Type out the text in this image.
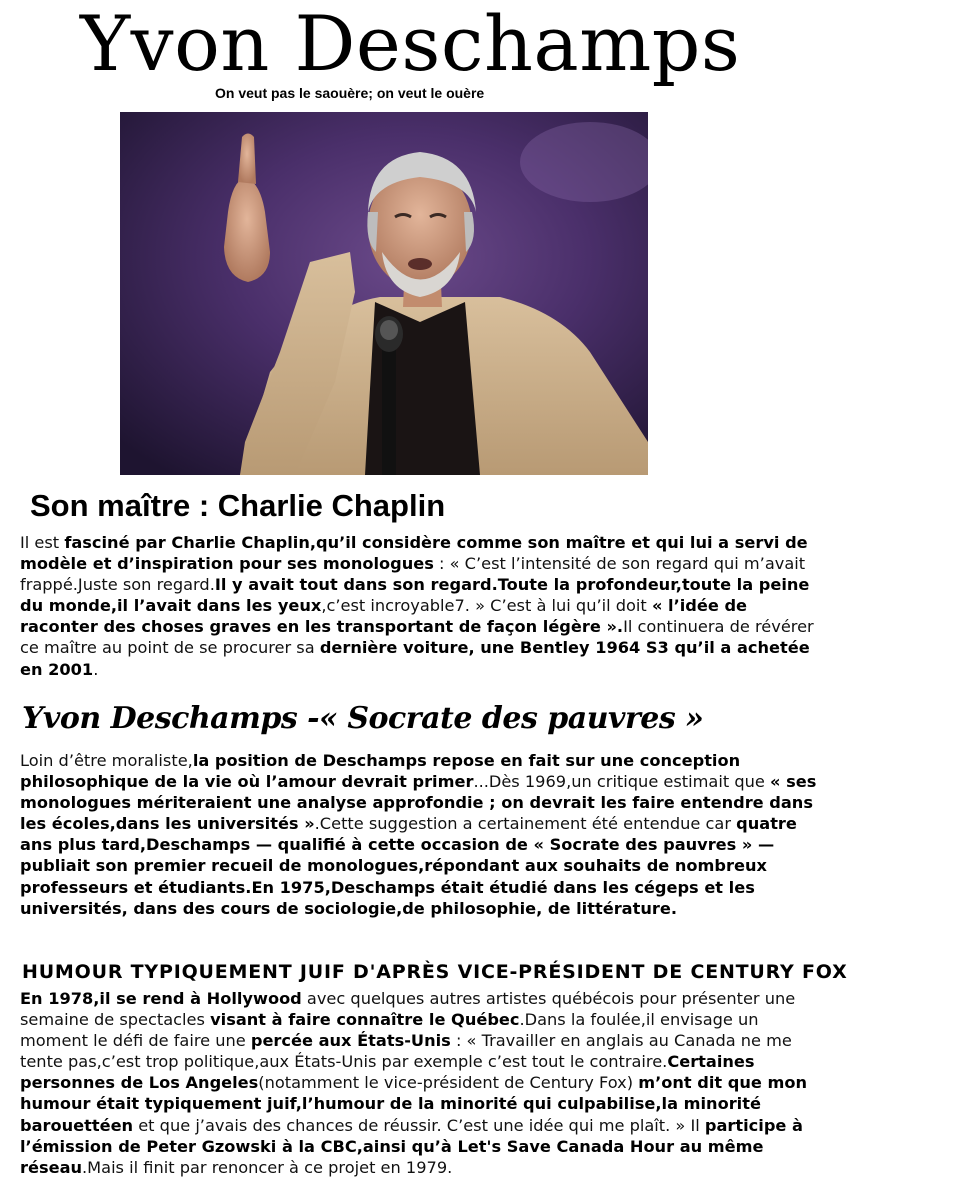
Yvon Deschamps

On veut pas le saouère; on veut le ouère

Son maître : Charlie Chaplin

Il est fasciné par Charlie Chaplin,qu’il considère comme son maître et qui lui a servi de modèle et d’inspiration pour ses monologues : « C’est l’intensité de son regard qui m’avait frappé.Juste son regard.Il y avait tout dans son regard.Toute la profondeur,toute la peine du monde,il l’avait dans les yeux,c’est incroyable7. » C’est à lui qu’il doit « l’idée de raconter des choses graves en les transportant de façon légère ».Il continuera de révérer ce maître au point de se procurer sa dernière voiture, une Bentley 1964 S3 qu’il a achetée en 2001.

Yvon Deschamps -« Socrate des pauvres »

Loin d’être moraliste,la position de Deschamps repose en fait sur une conception philosophique de la vie où l’amour devrait primer...Dès 1969,un critique estimait que « ses monologues mériteraient une analyse approfondie ; on devrait les faire entendre dans les écoles,dans les universités ».Cette suggestion a certainement été entendue car quatre ans plus tard,Deschamps — qualifié à cette occasion de « Socrate des pauvres » — publiait son premier recueil de monologues,répondant aux souhaits de nombreux professeurs et étudiants.En 1975,Deschamps était étudié dans les cégeps et les universités, dans des cours de sociologie,de philosophie, de littérature.

HUMOUR TYPIQUEMENT JUIF D'APRÈS VICE-PRÉSIDENT DE CENTURY FOX

En 1978,il se rend à Hollywood avec quelques autres artistes québécois pour présenter une semaine de spectacles visant à faire connaître le Québec.Dans la foulée,il envisage un moment le défi de faire une percée aux États-Unis : « Travailler en anglais au Canada ne me tente pas,c’est trop politique,aux États-Unis par exemple c’est tout le contraire.Certaines personnes de Los Angeles(notamment le vice-président de Century Fox) m’ont dit que mon humour était typiquement juif,l’humour de la minorité qui culpabilise,la minorité barouettéen et que j’avais des chances de réussir. C’est une idée qui me plaît. » Il participe à l’émission de Peter Gzowski à la CBC,ainsi qu’à Let's Save Canada Hour au même réseau.Mais il finit par renoncer à ce projet en 1979.
